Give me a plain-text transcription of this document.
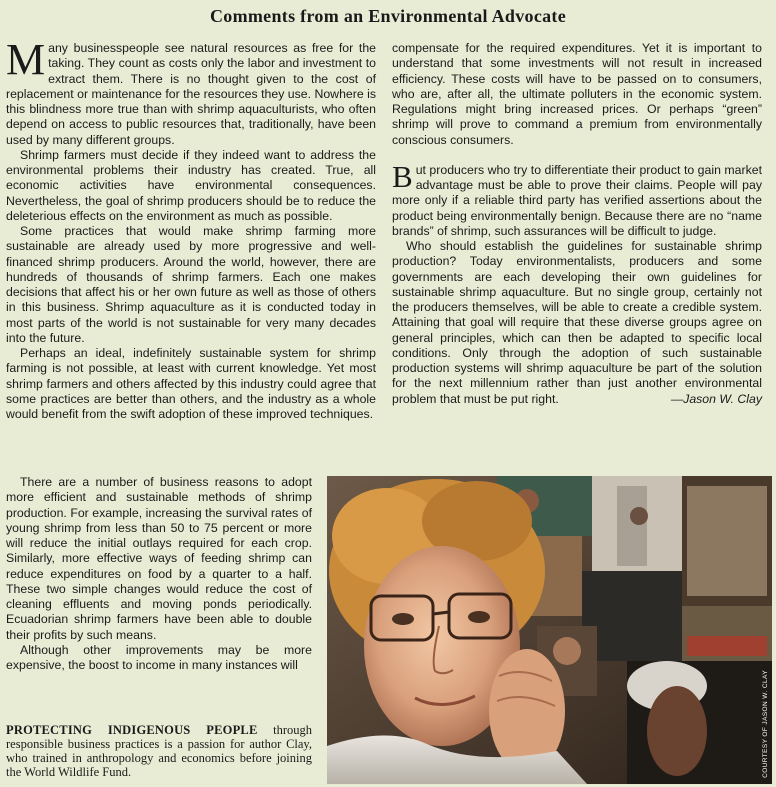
Comments from an Environmental Advocate

Many businesspeople see natural resources as free for the taking. They count as costs only the labor and investment to extract them. There is no thought given to the cost of replacement or maintenance for the resources they use. Nowhere is this blindness more true than with shrimp aquaculturists, who often depend on access to public resources that, traditionally, have been used by many different groups.

Shrimp farmers must decide if they indeed want to address the environmental problems their industry has created. True, all economic activities have environmental consequences. Nevertheless, the goal of shrimp producers should be to reduce the deleterious effects on the environment as much as possible.

Some practices that would make shrimp farming more sustainable are already used by more progressive and well-financed shrimp producers. Around the world, however, there are hundreds of thousands of shrimp farmers. Each one makes decisions that affect his or her own future as well as those of others in this business. Shrimp aquaculture as it is conducted today in most parts of the world is not sustainable for very many decades into the future.

Perhaps an ideal, indefinitely sustainable system for shrimp farming is not possible, at least with current knowledge. Yet most shrimp farmers and others affected by this industry could agree that some practices are better than others, and the industry as a whole would benefit from the swift adoption of these improved techniques.

There are a number of business reasons to adopt more efficient and sustainable methods of shrimp production. For example, increasing the survival rates of young shrimp from less than 50 to 75 percent or more will reduce the initial outlays required for each crop. Similarly, more effective ways of feeding shrimp can reduce expenditures on food by a quarter to a half. These two simple changes would reduce the cost of cleaning effluents and moving ponds periodically. Ecuadorian shrimp farmers have been able to double their profits by such means.

Although other improvements may be more expensive, the boost to income in many instances will

compensate for the required expenditures. Yet it is important to understand that some investments will not result in increased efficiency. These costs will have to be passed on to consumers, who are, after all, the ultimate polluters in the economic system. Regulations might bring increased prices. Or perhaps “green” shrimp will prove to command a premium from environmentally conscious consumers.

But producers who try to differentiate their product to gain market advantage must be able to prove their claims. People will pay more only if a reliable third party has verified assertions about the product being environmentally benign. Because there are no “name brands” of shrimp, such assurances will be difficult to judge.

Who should establish the guidelines for sustainable shrimp production? Today environmentalists, producers and some governments are each developing their own guidelines for sustainable shrimp aquaculture. But no single group, certainly not the producers themselves, will be able to create a credible system. Attaining that goal will require that these diverse groups agree on general principles, which can then be adapted to specific local conditions. Only through the adoption of such sustainable production systems will shrimp aquaculture be part of the solution for the next millennium rather than just another environmental problem that must be put right.	—Jason W. Clay

PROTECTING INDIGENOUS PEOPLE through responsible business practices is a passion for author Clay, who trained in anthropology and economics before joining the World Wildlife Fund.	COURTESY OF JASON W. CLAY
